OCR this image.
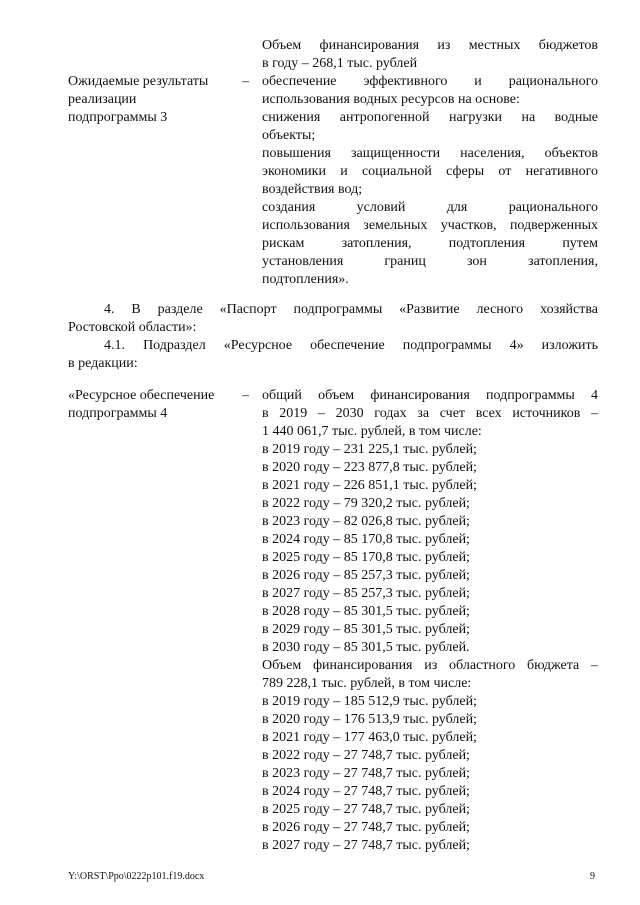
Объем финансирования из местных бюджетов
в году – 268,1 тыс. рублей
Ожидаемые результаты
реализации
подпрограммы 3
– обеспечение эффективного и рационального
использования водных ресурсов на основе:
снижения антропогенной нагрузки на водные
объекты;
повышения защищенности населения, объектов
экономики и социальной сферы от негативного
воздействия вод;
создания условий для рационального
использования земельных участков, подверженных
рискам затопления, подтопления путем
установления границ зон затопления,
подтопления».
4. В разделе «Паспорт подпрограммы «Развитие лесного хозяйства
Ростовской области»:
4.1. Подраздел «Ресурсное обеспечение подпрограммы 4» изложить
в редакции:
«Ресурсное обеспечение
подпрограммы 4
– общий объем финансирования подпрограммы 4
в 2019 – 2030 годах за счет всех источников –
1 440 061,7 тыс. рублей, в том числе:
в 2019 году – 231 225,1 тыс. рублей;
в 2020 году – 223 877,8 тыс. рублей;
в 2021 году – 226 851,1 тыс. рублей;
в 2022 году – 79 320,2 тыс. рублей;
в 2023 году – 82 026,8 тыс. рублей;
в 2024 году – 85 170,8 тыс. рублей;
в 2025 году – 85 170,8 тыс. рублей;
в 2026 году – 85 257,3 тыс. рублей;
в 2027 году – 85 257,3 тыс. рублей;
в 2028 году – 85 301,5 тыс. рублей;
в 2029 году – 85 301,5 тыс. рублей;
в 2030 году – 85 301,5 тыс. рублей.
Объем финансирования из областного бюджета –
789 228,1 тыс. рублей, в том числе:
в 2019 году – 185 512,9 тыс. рублей;
в 2020 году – 176 513,9 тыс. рублей;
в 2021 году – 177 463,0 тыс. рублей;
в 2022 году – 27 748,7 тыс. рублей;
в 2023 году – 27 748,7 тыс. рублей;
в 2024 году – 27 748,7 тыс. рублей;
в 2025 году – 27 748,7 тыс. рублей;
в 2026 году – 27 748,7 тыс. рублей;
в 2027 году – 27 748,7 тыс. рублей;
Y:\ORST\Ppo\0222p101.f19.docx	9
